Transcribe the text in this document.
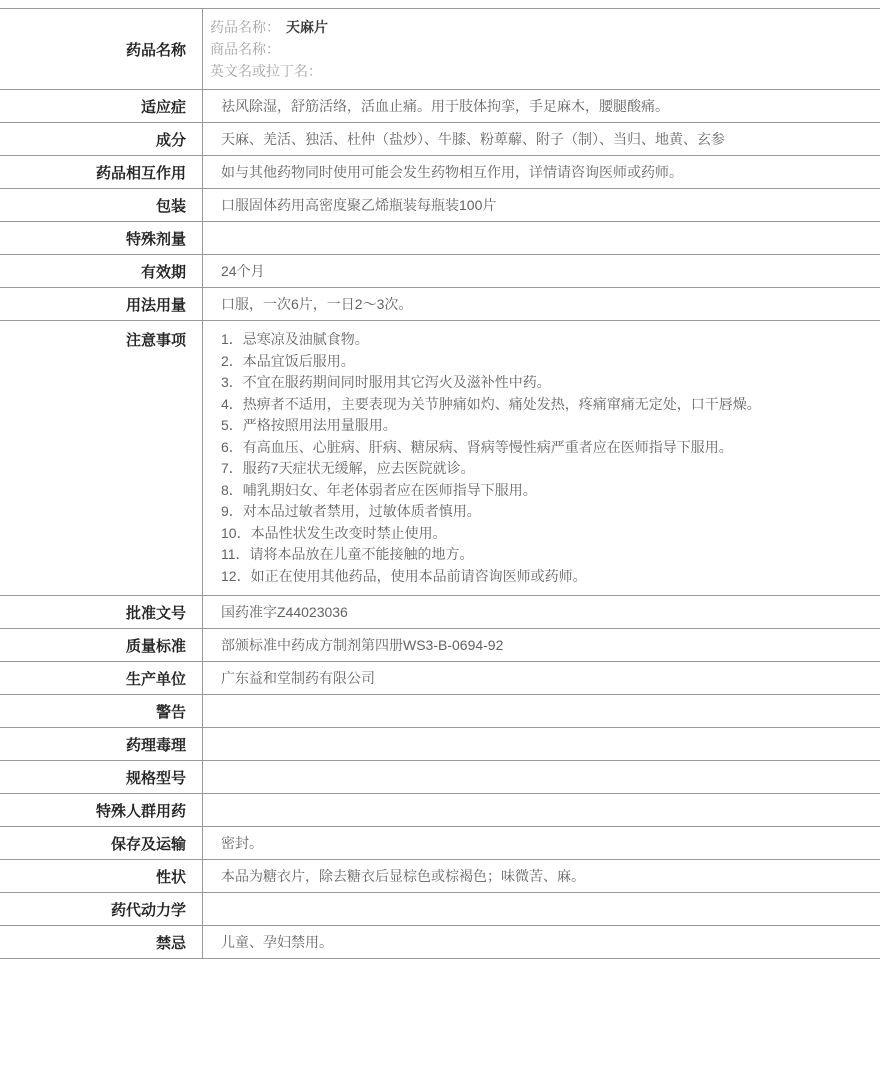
药品名称
药品名称： 天麻片
商品名称：
英文名或拉丁名：
适应症	祛风除湿，舒筋活络，活血止痛。用于肢体拘挛，手足麻木，腰腿酸痛。
成分	天麻、羌活、独活、杜仲（盐炒）、牛膝、粉萆薢、附子（制）、当归、地黄、玄参
药品相互作用	如与其他药物同时使用可能会发生药物相互作用，详情请咨询医师或药师。
包装	口服固体药用高密度聚乙烯瓶装每瓶装100片
特殊剂量
有效期	24个月
用法用量	口服，一次6片，一日2～3次。
注意事项	1．忌寒凉及油腻食物。
2．本品宜饭后服用。
3．不宜在服药期间同时服用其它泻火及滋补性中药。
4．热痹者不适用，主要表现为关节肿痛如灼、痛处发热，疼痛窜痛无定处，口干唇燥。
5．严格按照用法用量服用。
6．有高血压、心脏病、肝病、糖尿病、肾病等慢性病严重者应在医师指导下服用。
7．服药7天症状无缓解，应去医院就诊。
8．哺乳期妇女、年老体弱者应在医师指导下服用。
9．对本品过敏者禁用，过敏体质者慎用。
10．本品性状发生改变时禁止使用。
11．请将本品放在儿童不能接触的地方。
12．如正在使用其他药品，使用本品前请咨询医师或药师。
批准文号	国药准字Z44023036
质量标准	部颁标准中药成方制剂第四册WS3-B-0694-92
生产单位	广东益和堂制药有限公司
警告
药理毒理
规格型号
特殊人群用药
保存及运输	密封。
性状	本品为糖衣片，除去糖衣后显棕色或棕褐色；味微苦、麻。
药代动力学
禁忌	儿童、孕妇禁用。
